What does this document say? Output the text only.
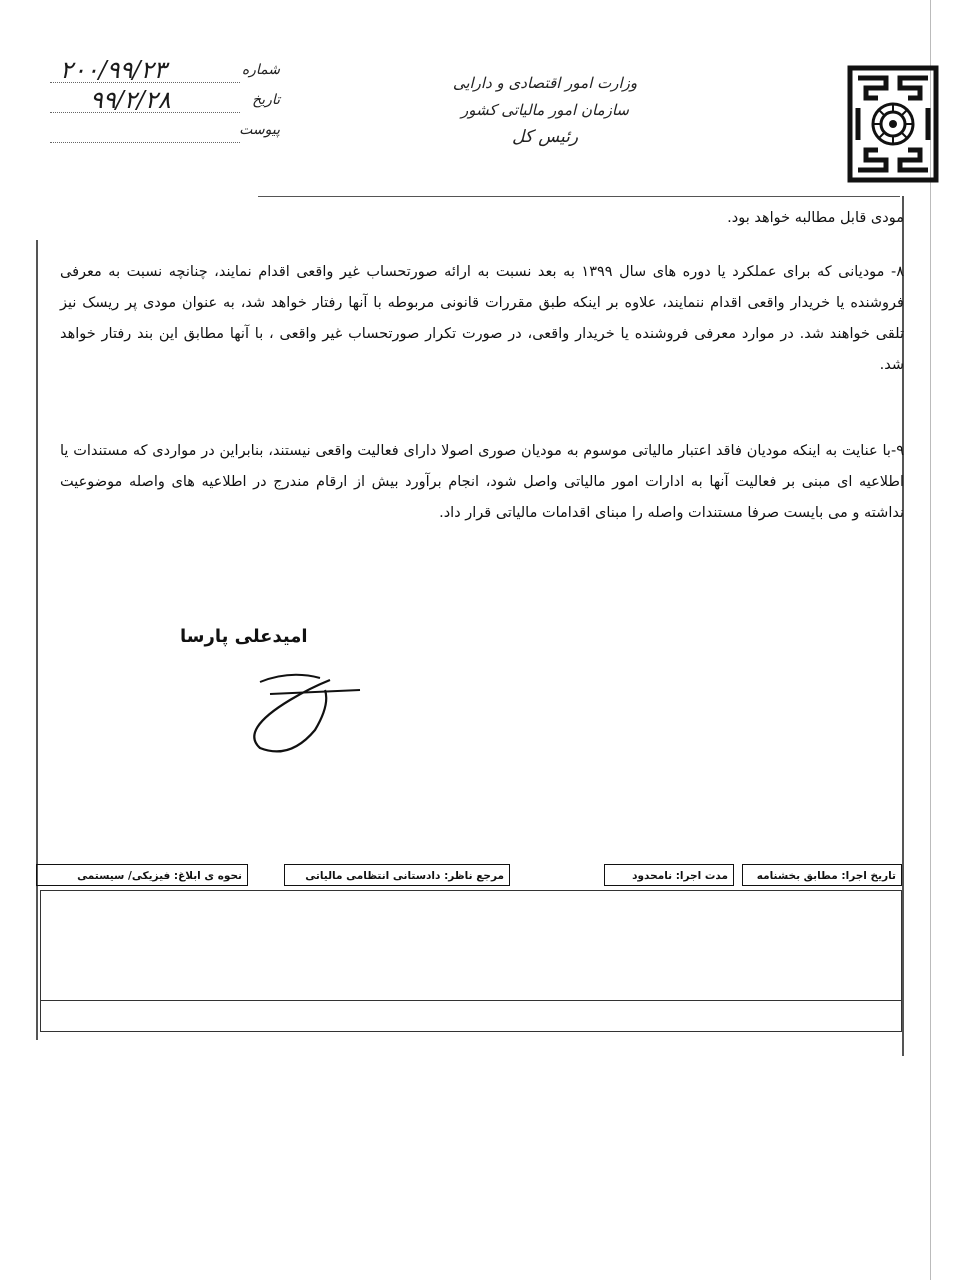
وزارت امور اقتصادی و دارایی
سازمان امور مالیاتی کشور
رئیس کل
۲۰۰/۹۹/۲۳	شماره
۹۹/۲/۲۸	تاریخ
پیوست

مودی قابل مطالبه خواهد بود.

۸- مودیانی که برای عملکرد یا دوره های سال ۱۳۹۹ به بعد نسبت به ارائه صورتحساب غیر واقعی اقدام نمایند، چنانچه نسبت به معرفی فروشنده یا خریدار واقعی اقدام ننمایند، علاوه بر اینکه طبق مقررات قانونی مربوطه با آنها رفتار خواهد شد، به عنوان مودی پر ریسک نیز تلقی خواهند شد. در موارد معرفی فروشنده یا خریدار واقعی، در صورت تکرار صورتحساب غیر واقعی ، با آنها مطابق این بند رفتار خواهد شد.

۹-با عنایت به اینکه مودیان فاقد اعتبار مالیاتی موسوم به مودیان صوری اصولا دارای فعالیت واقعی نیستند، بنابراین در مواردی که مستندات یا اطلاعیه ای مبنی بر فعالیت آنها به ادارات امور مالیاتی واصل شود، انجام برآورد بیش از ارقام مندرج در اطلاعیه های واصله موضوعیت نداشته و می بایست صرفا مستندات واصله را مبنای اقدامات مالیاتی قرار داد.

امیدعلی پارسا
تاریخ اجرا: مطابق بخشنامه
مدت اجرا: نامحدود
مرجع ناظر: دادستانی انتظامی مالیاتی
نحوه ی ابلاغ: فیزیکی/ سیستمی
